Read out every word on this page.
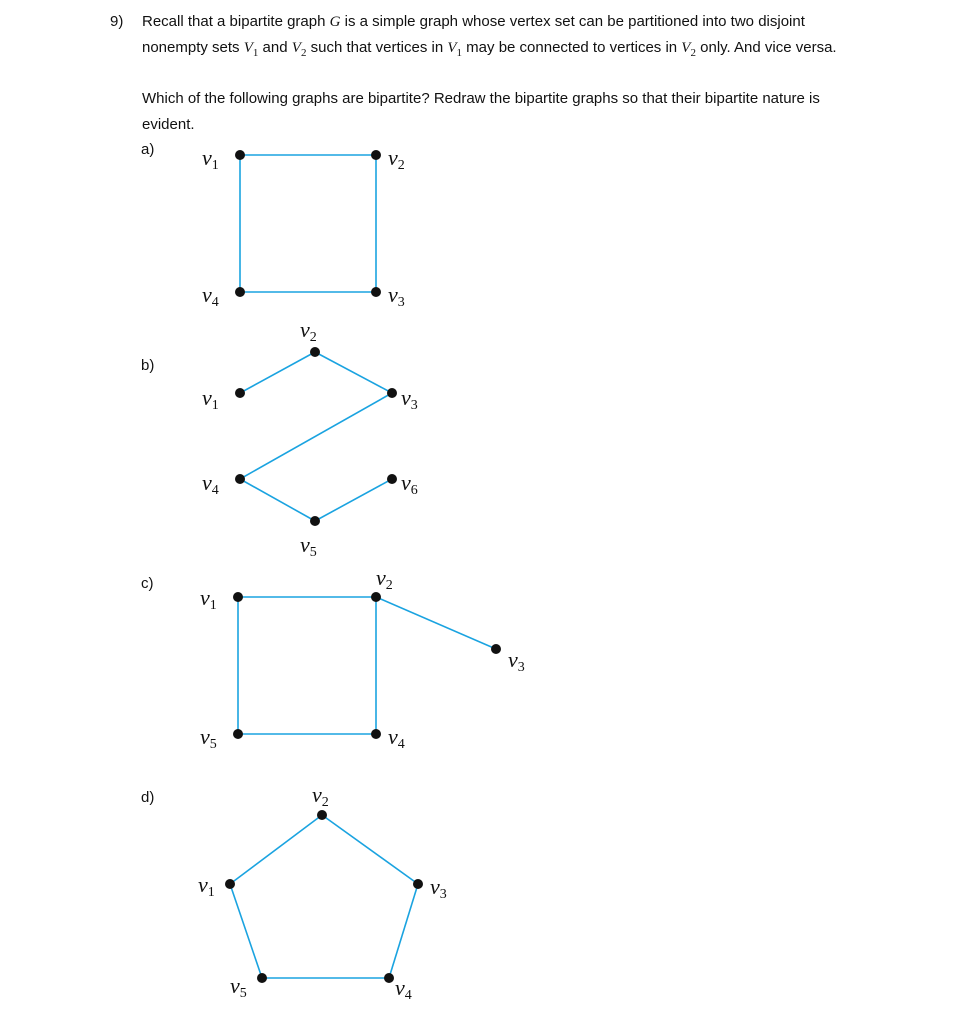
9) Recall that a bipartite graph G is a simple graph whose vertex set can be partitioned into two disjoint
nonempty sets $V_1$ and $V_2$ such that vertices in $V_1$ may be connected to vertices in $V_2$ only. And vice versa.
Which of the following graphs are bipartite? Redraw the bipartite graphs so that their bipartite nature is
evident.
a)
b)
c)
d)
v1	v2
v3
v4
v1
v2
v3
v4
v5
v6
v1
v2
v3
v4
v5
v1
v2
v3
v4
v5
